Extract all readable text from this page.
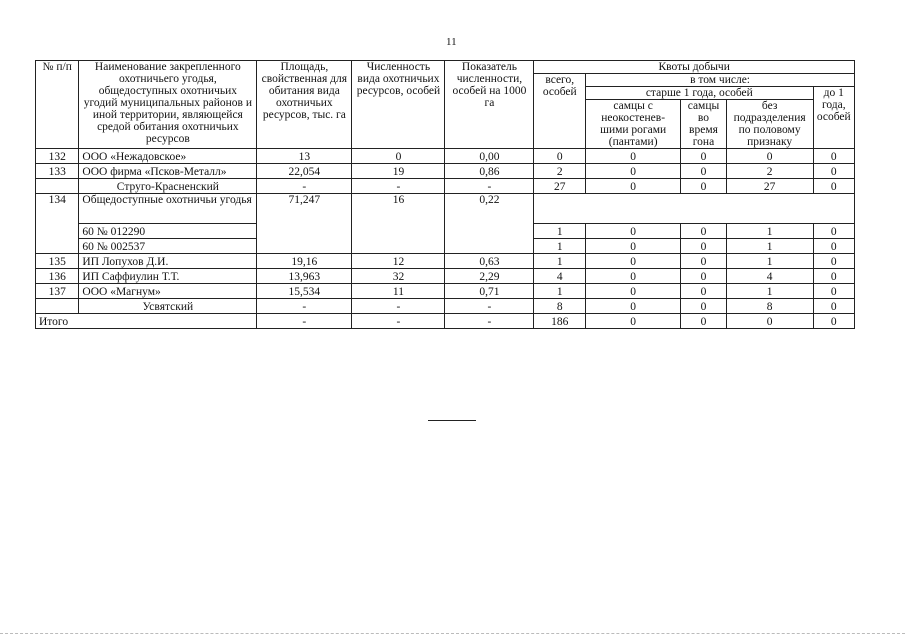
11
№ п/п	Наименование закрепленного охотничьего угодья, общедоступных охотничьих угодий муниципальных районов и иной территории, являющейся средой обитания охотничьих ресурсов	Площадь, свойственная для обитания вида охотничьих ресурсов, тыс. га	Численность вида охотничьих ресурсов, особей	Показатель численности, особей на 1000 га	Квоты добычи				
					всего, особей	в том числе:			
						старше 1 года, особей			до 1 года, особей
						самцы с неокостенев-шими рогами (пантами)	самцы во время гона	без подразделения по половому признаку	
132	ООО «Нежадовское»	13	0	0,00	0	0	0	0	0
133	ООО фирма «Псков-Металл»	22,054	19	0,86	2	0	0	2	0
	Струго-Красненский	-	-	-	27	0	0	27	0
134	Общедоступные охотничьи угодья	71,247	16	0,22					
	60 № 012290				1	0	0	1	0
	60 № 002537				1	0	0	1	0
135	ИП Лопухов Д.И.	19,16	12	0,63	1	0	0	1	0
136	ИП Саффиулин Т.Т.	13,963	32	2,29	4	0	0	4	0
137	ООО «Магнум»	15,534	11	0,71	1	0	0	1	0
	Усвятский	-	-	-	8	0	0	8	0
Итого		-	-	-	186	0	0	0	0
